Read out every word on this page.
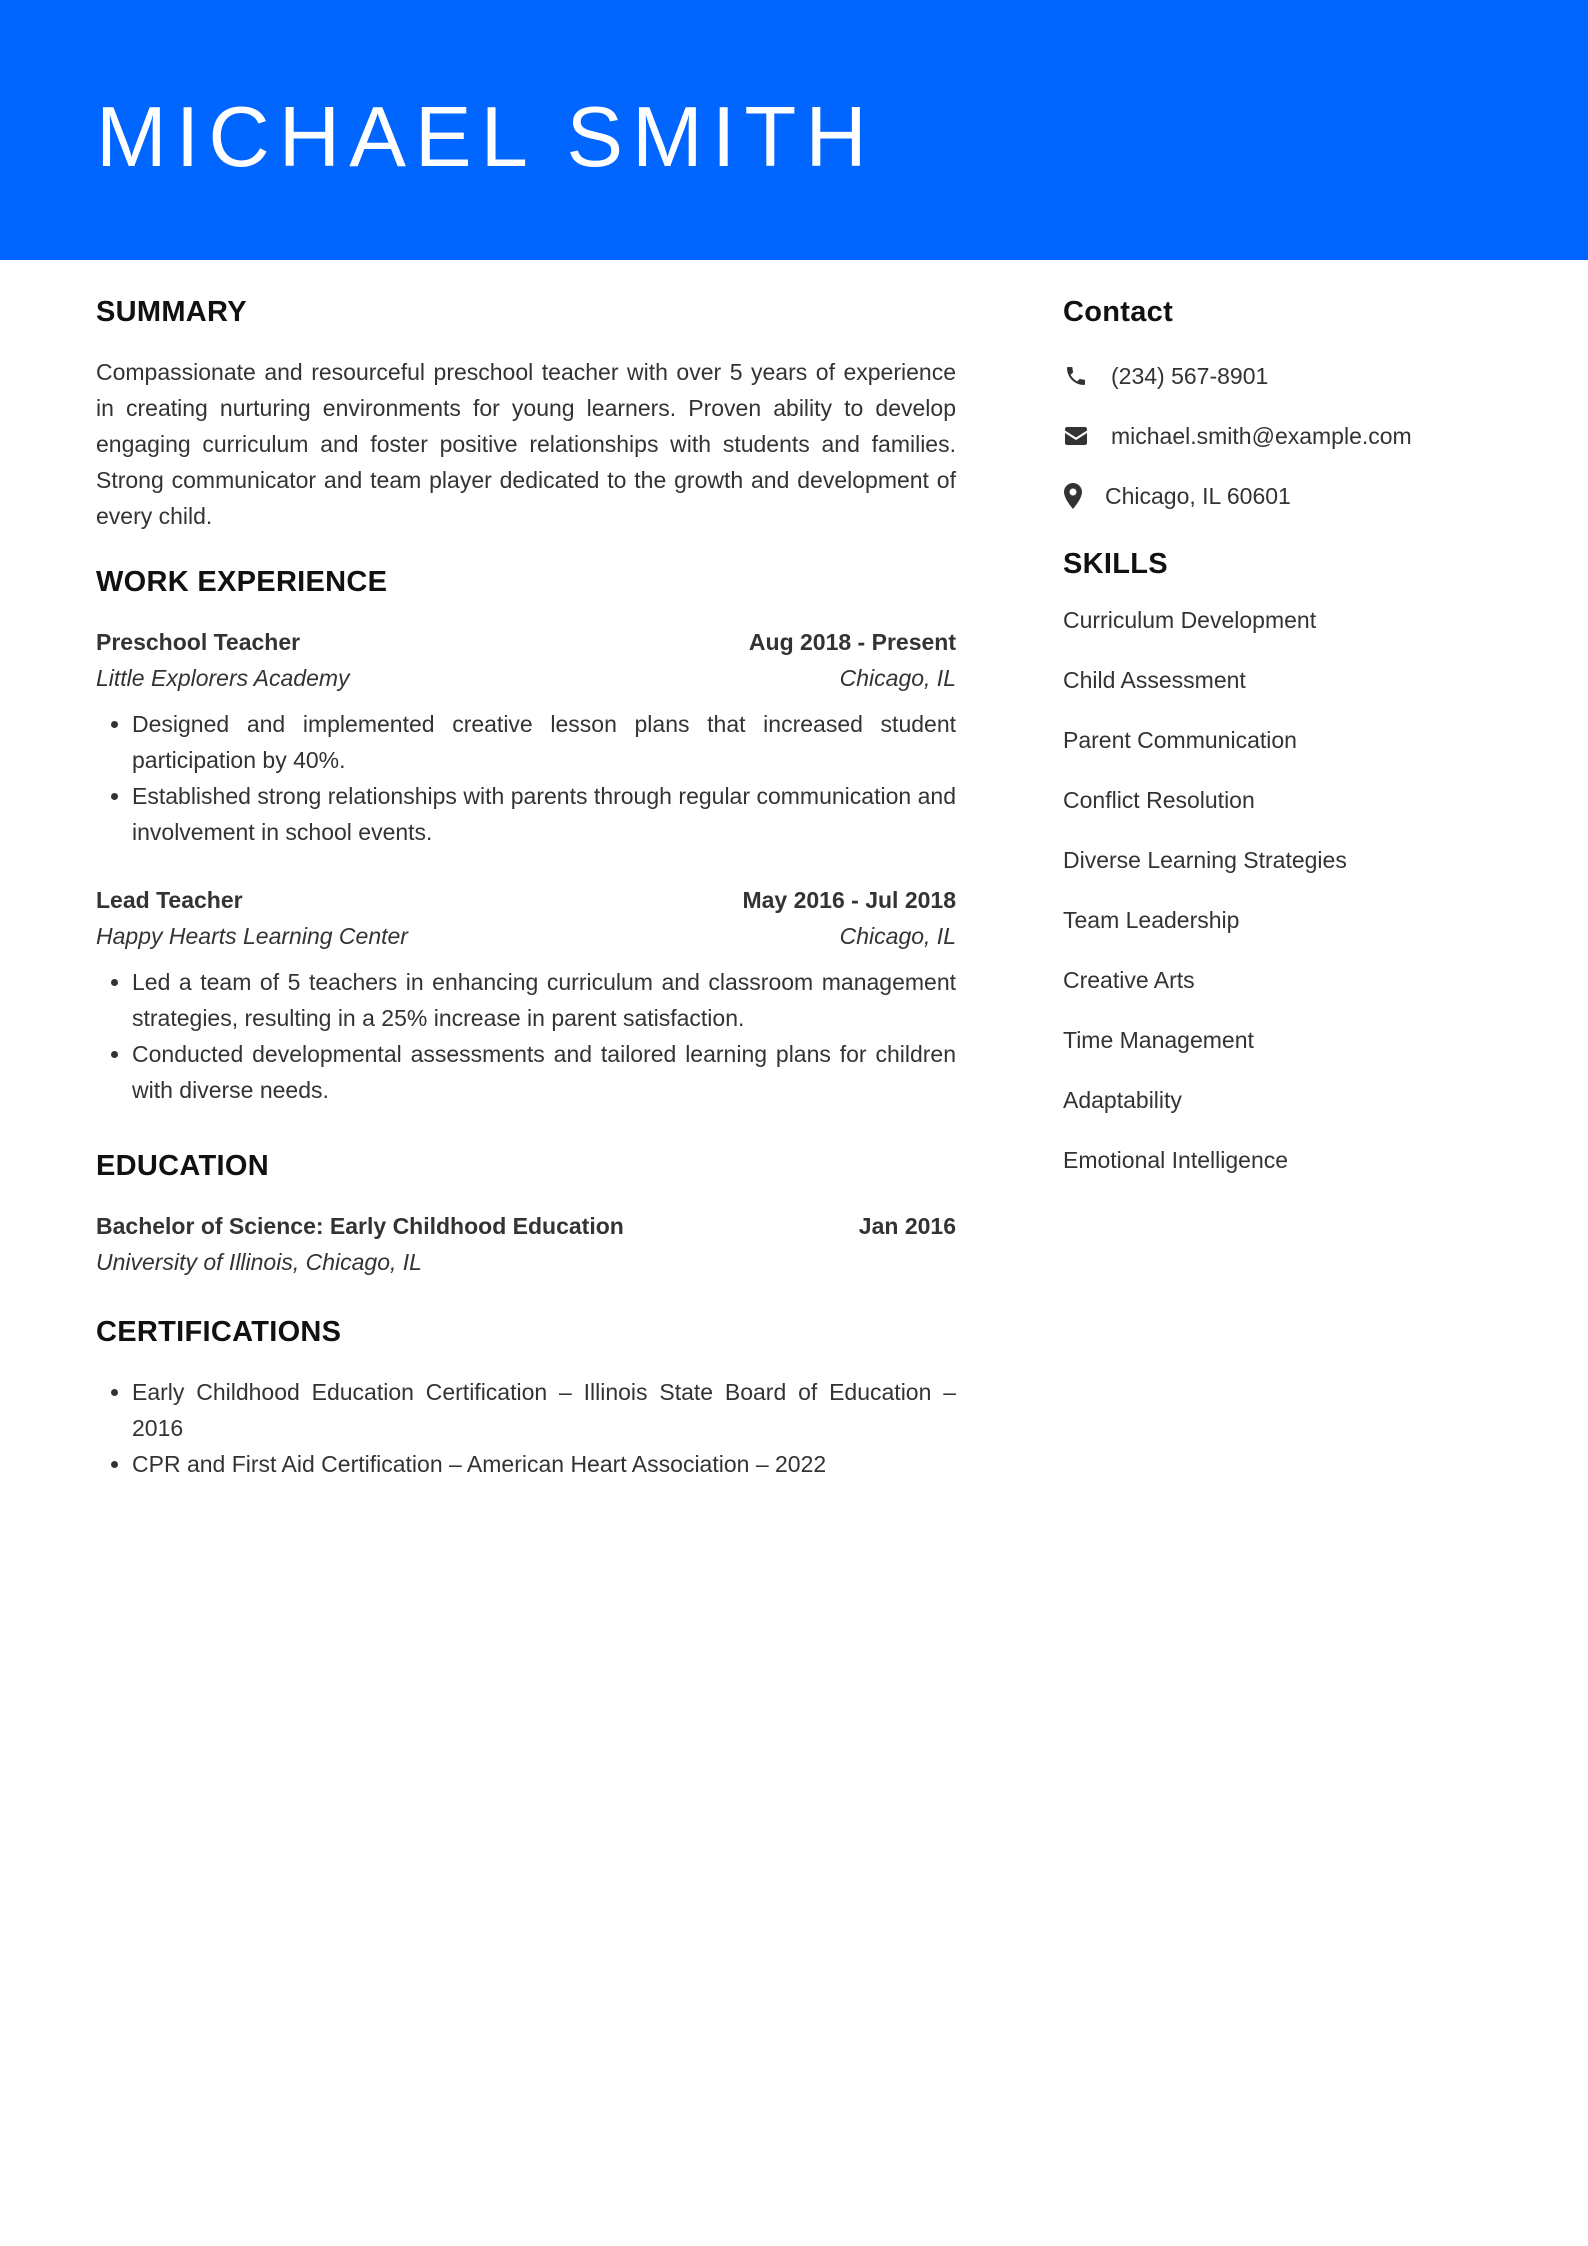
MICHAEL SMITH
SUMMARY

Compassionate and resourceful preschool teacher with over 5 years of experience in creating nurturing environments for young learners. Proven ability to develop engaging curriculum and foster positive relationships with students and families. Strong communicator and team player dedicated to the growth and development of every child.

WORK EXPERIENCE
Preschool Teacher	Aug 2018 - Present
Little Explorers Academy	Chicago, IL
• Designed and implemented creative lesson plans that increased student participation by 40%.
• Established strong relationships with parents through regular communication and involvement in school events.
Lead Teacher	May 2016 - Jul 2018
Happy Hearts Learning Center	Chicago, IL
• Led a team of 5 teachers in enhancing curriculum and classroom management strategies, resulting in a 25% increase in parent satisfaction.
• Conducted developmental assessments and tailored learning plans for children with diverse needs.
EDUCATION
Bachelor of Science: Early Childhood Education	Jan 2016
University of Illinois, Chicago, IL
CERTIFICATIONS
• Early Childhood Education Certification – Illinois State Board of Education – 2016
• CPR and First Aid Certification – American Heart Association – 2022
Contact
(234) 567-8901
michael.smith@example.com
Chicago, IL 60601
SKILLS
Curriculum Development
Child Assessment
Parent Communication
Conflict Resolution
Diverse Learning Strategies
Team Leadership
Creative Arts
Time Management
Adaptability
Emotional Intelligence
